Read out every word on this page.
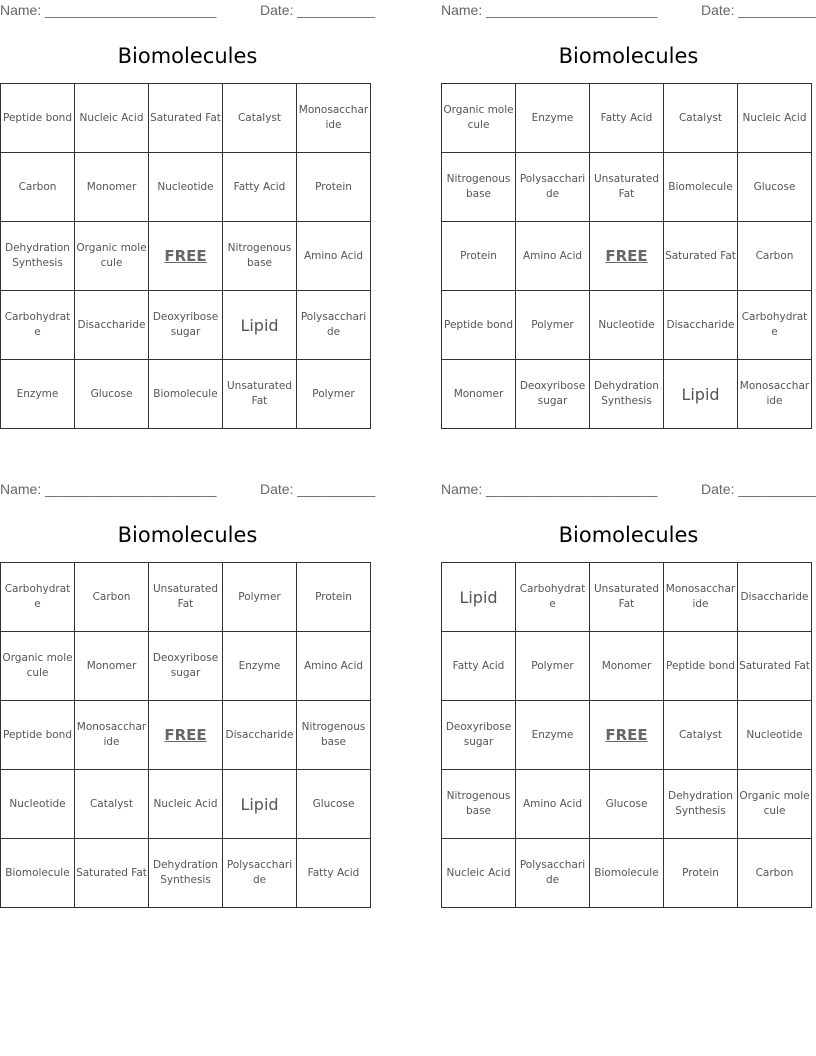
Name: ______________________	Date: __________
Biomolecules
Peptide bond	Nucleic Acid	Saturated Fat	Catalyst	Monosaccharide
Carbon	Monomer	Nucleotide	Fatty Acid	Protein
Dehydration Synthesis	Organic molecule	FREE	Nitrogenous base	Amino Acid
Carbohydrate	Disaccharide	Deoxyribose sugar	Lipid	Polysaccharide
Enzyme	Glucose	Biomolecule	Unsaturated Fat	Polymer
Name: ______________________	Date: __________
Biomolecules
Organic molecule	Enzyme	Fatty Acid	Catalyst	Nucleic Acid
Nitrogenous base	Polysaccharide	Unsaturated Fat	Biomolecule	Glucose
Protein	Amino Acid	FREE	Saturated Fat	Carbon
Peptide bond	Polymer	Nucleotide	Disaccharide	Carbohydrate
Monomer	Deoxyribose sugar	Dehydration Synthesis	Lipid	Monosaccharide
Name: ______________________	Date: __________
Biomolecules
Carbohydrate	Carbon	Unsaturated Fat	Polymer	Protein
Organic molecule	Monomer	Deoxyribose sugar	Enzyme	Amino Acid
Peptide bond	Monosaccharide	FREE	Disaccharide	Nitrogenous base
Nucleotide	Catalyst	Nucleic Acid	Lipid	Glucose
Biomolecule	Saturated Fat	Dehydration Synthesis	Polysaccharide	Fatty Acid
Name: ______________________	Date: __________
Biomolecules
Lipid	Carbohydrate	Unsaturated Fat	Monosaccharide	Disaccharide
Fatty Acid	Polymer	Monomer	Peptide bond	Saturated Fat
Deoxyribose sugar	Enzyme	FREE	Catalyst	Nucleotide
Nitrogenous base	Amino Acid	Glucose	Dehydration Synthesis	Organic molecule
Nucleic Acid	Polysaccharide	Biomolecule	Protein	Carbon
